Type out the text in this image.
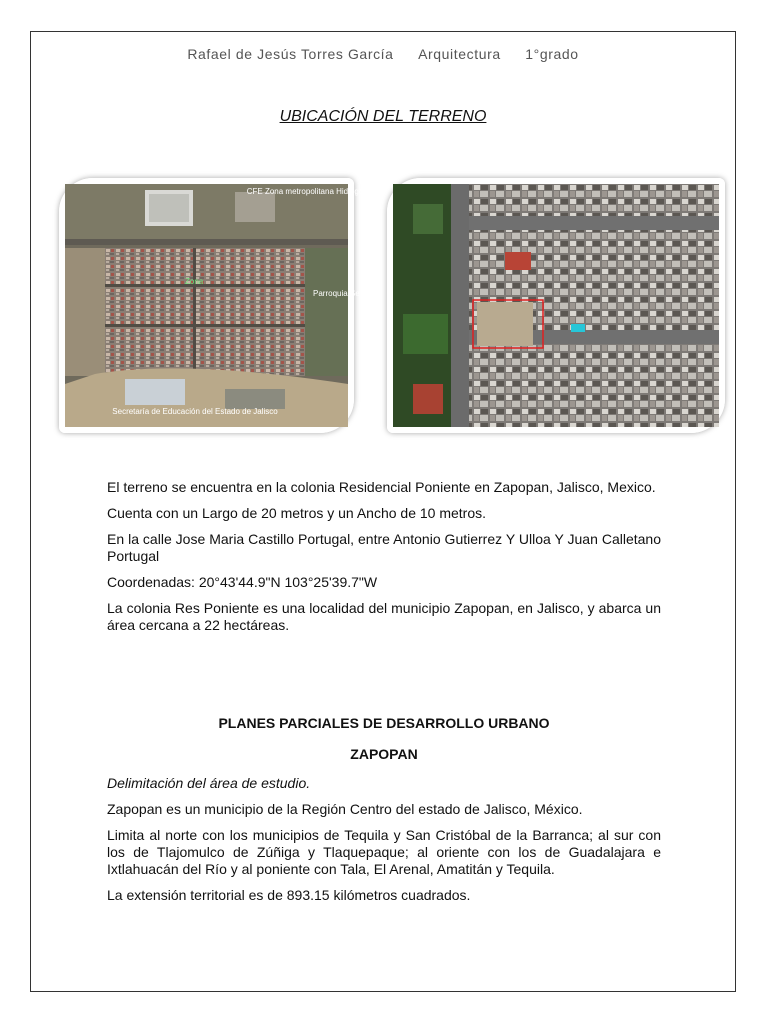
Rafael de Jesús Torres García Arquitectura 1°grado
UBICACIÓN DEL TERRENO
CFE Zona metropolitana Hidalgo
Zona
Parroquia Señora
Secretaría de Educación del Estado de Jalisco

El terreno se encuentra en la colonia Residencial Poniente en Zapopan, Jalisco, Mexico.

Cuenta con un Largo de 20 metros y un Ancho de 10 metros.

En la calle Jose Maria Castillo Portugal, entre Antonio Gutierrez Y Ulloa Y Juan Calletano Portugal

Coordenadas: 20°43'44.9"N 103°25'39.7"W

La colonia Res Poniente es una localidad del municipio Zapopan, en Jalisco, y abarca un área cercana a 22 hectáreas.

PLANES PARCIALES DE DESARROLLO URBANO
ZAPOPAN

Delimitación del área de estudio.

Zapopan es un municipio de la Región Centro del estado de Jalisco, México.

Limita al norte con los municipios de Tequila y San Cristóbal de la Barranca; al sur con los de Tlajomulco de Zúñiga y Tlaquepaque; al oriente con los de Guadalajara e Ixtlahuacán del Río y al poniente con Tala, El Arenal, Amatitán y Tequila.

La extensión territorial es de 893.15 kilómetros cuadrados.
